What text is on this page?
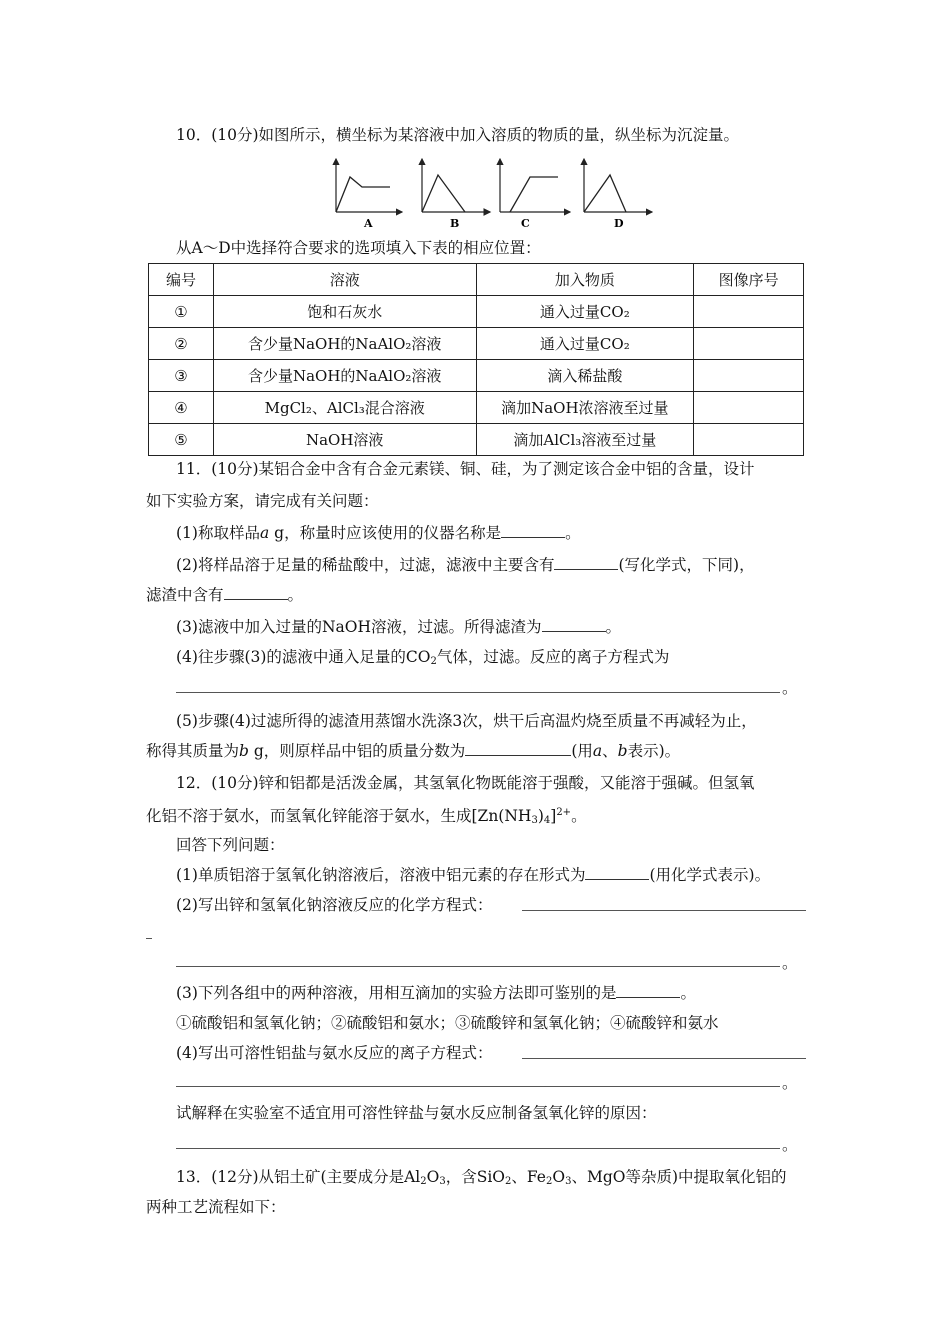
10．(10分)如图所示，横坐标为某溶液中加入溶质的物质的量，纵坐标为沉淀量。
A	B	C	D
从A～D中选择符合要求的选项填入下表的相应位置：
编号	溶液	加入物质	图像序号
①	饱和石灰水	通入过量CO₂	
②	含少量NaOH的NaAlO₂溶液	通入过量CO₂	
③	含少量NaOH的NaAlO₂溶液	滴入稀盐酸	
④	MgCl₂、AlCl₃混合溶液	滴加NaOH浓溶液至过量	
⑤	NaOH溶液	滴加AlCl₃溶液至过量	
11．(10分)某铝合金中含有合金元素镁、铜、硅，为了测定该合金中铝的含量，设计
如下实验方案，请完成有关问题：
(1)称取样品a g，称量时应该使用的仪器名称是	。
(2)将样品溶于足量的稀盐酸中，过滤，滤液中主要含有	(写化学式，下同)，
滤渣中含有	。
(3)滤液中加入过量的NaOH溶液，过滤。所得滤渣为	。
(4)往步骤(3)的滤液中通入足量的$CO_2$气体，过滤。反应的离子方程式为
。
(5)步骤(4)过滤所得的滤渣用蒸馏水洗涤3次，烘干后高温灼烧至质量不再减轻为止，
称得其质量为b g，则原样品中铝的质量分数为	(用a、b表示)。
12．(10分)锌和铝都是活泼金属，其氢氧化物既能溶于强酸，又能溶于强碱。但氢氧
化铝不溶于氨水，而氢氧化锌能溶于氨水，生成$[Zn(NH_3)_4]^{2+}$。
回答下列问题：
(1)单质铝溶于氢氧化钠溶液后，溶液中铝元素的存在形式为	(用化学式表示)。
(2)写出锌和氢氧化钠溶液反应的化学方程式：
。
(3)下列各组中的两种溶液，用相互滴加的实验方法即可鉴别的是	。
①硫酸铝和氢氧化钠；②硫酸铝和氨水；③硫酸锌和氢氧化钠；④硫酸锌和氨水
(4)写出可溶性铝盐与氨水反应的离子方程式：
。
试解释在实验室不适宜用可溶性锌盐与氨水反应制备氢氧化锌的原因：
。
13．(12分)从铝土矿(主要成分是$Al_2O_3$，含SiO$_2$、$Fe_2O_3$、MgO等杂质)中提取氧化铝的
两种工艺流程如下：
